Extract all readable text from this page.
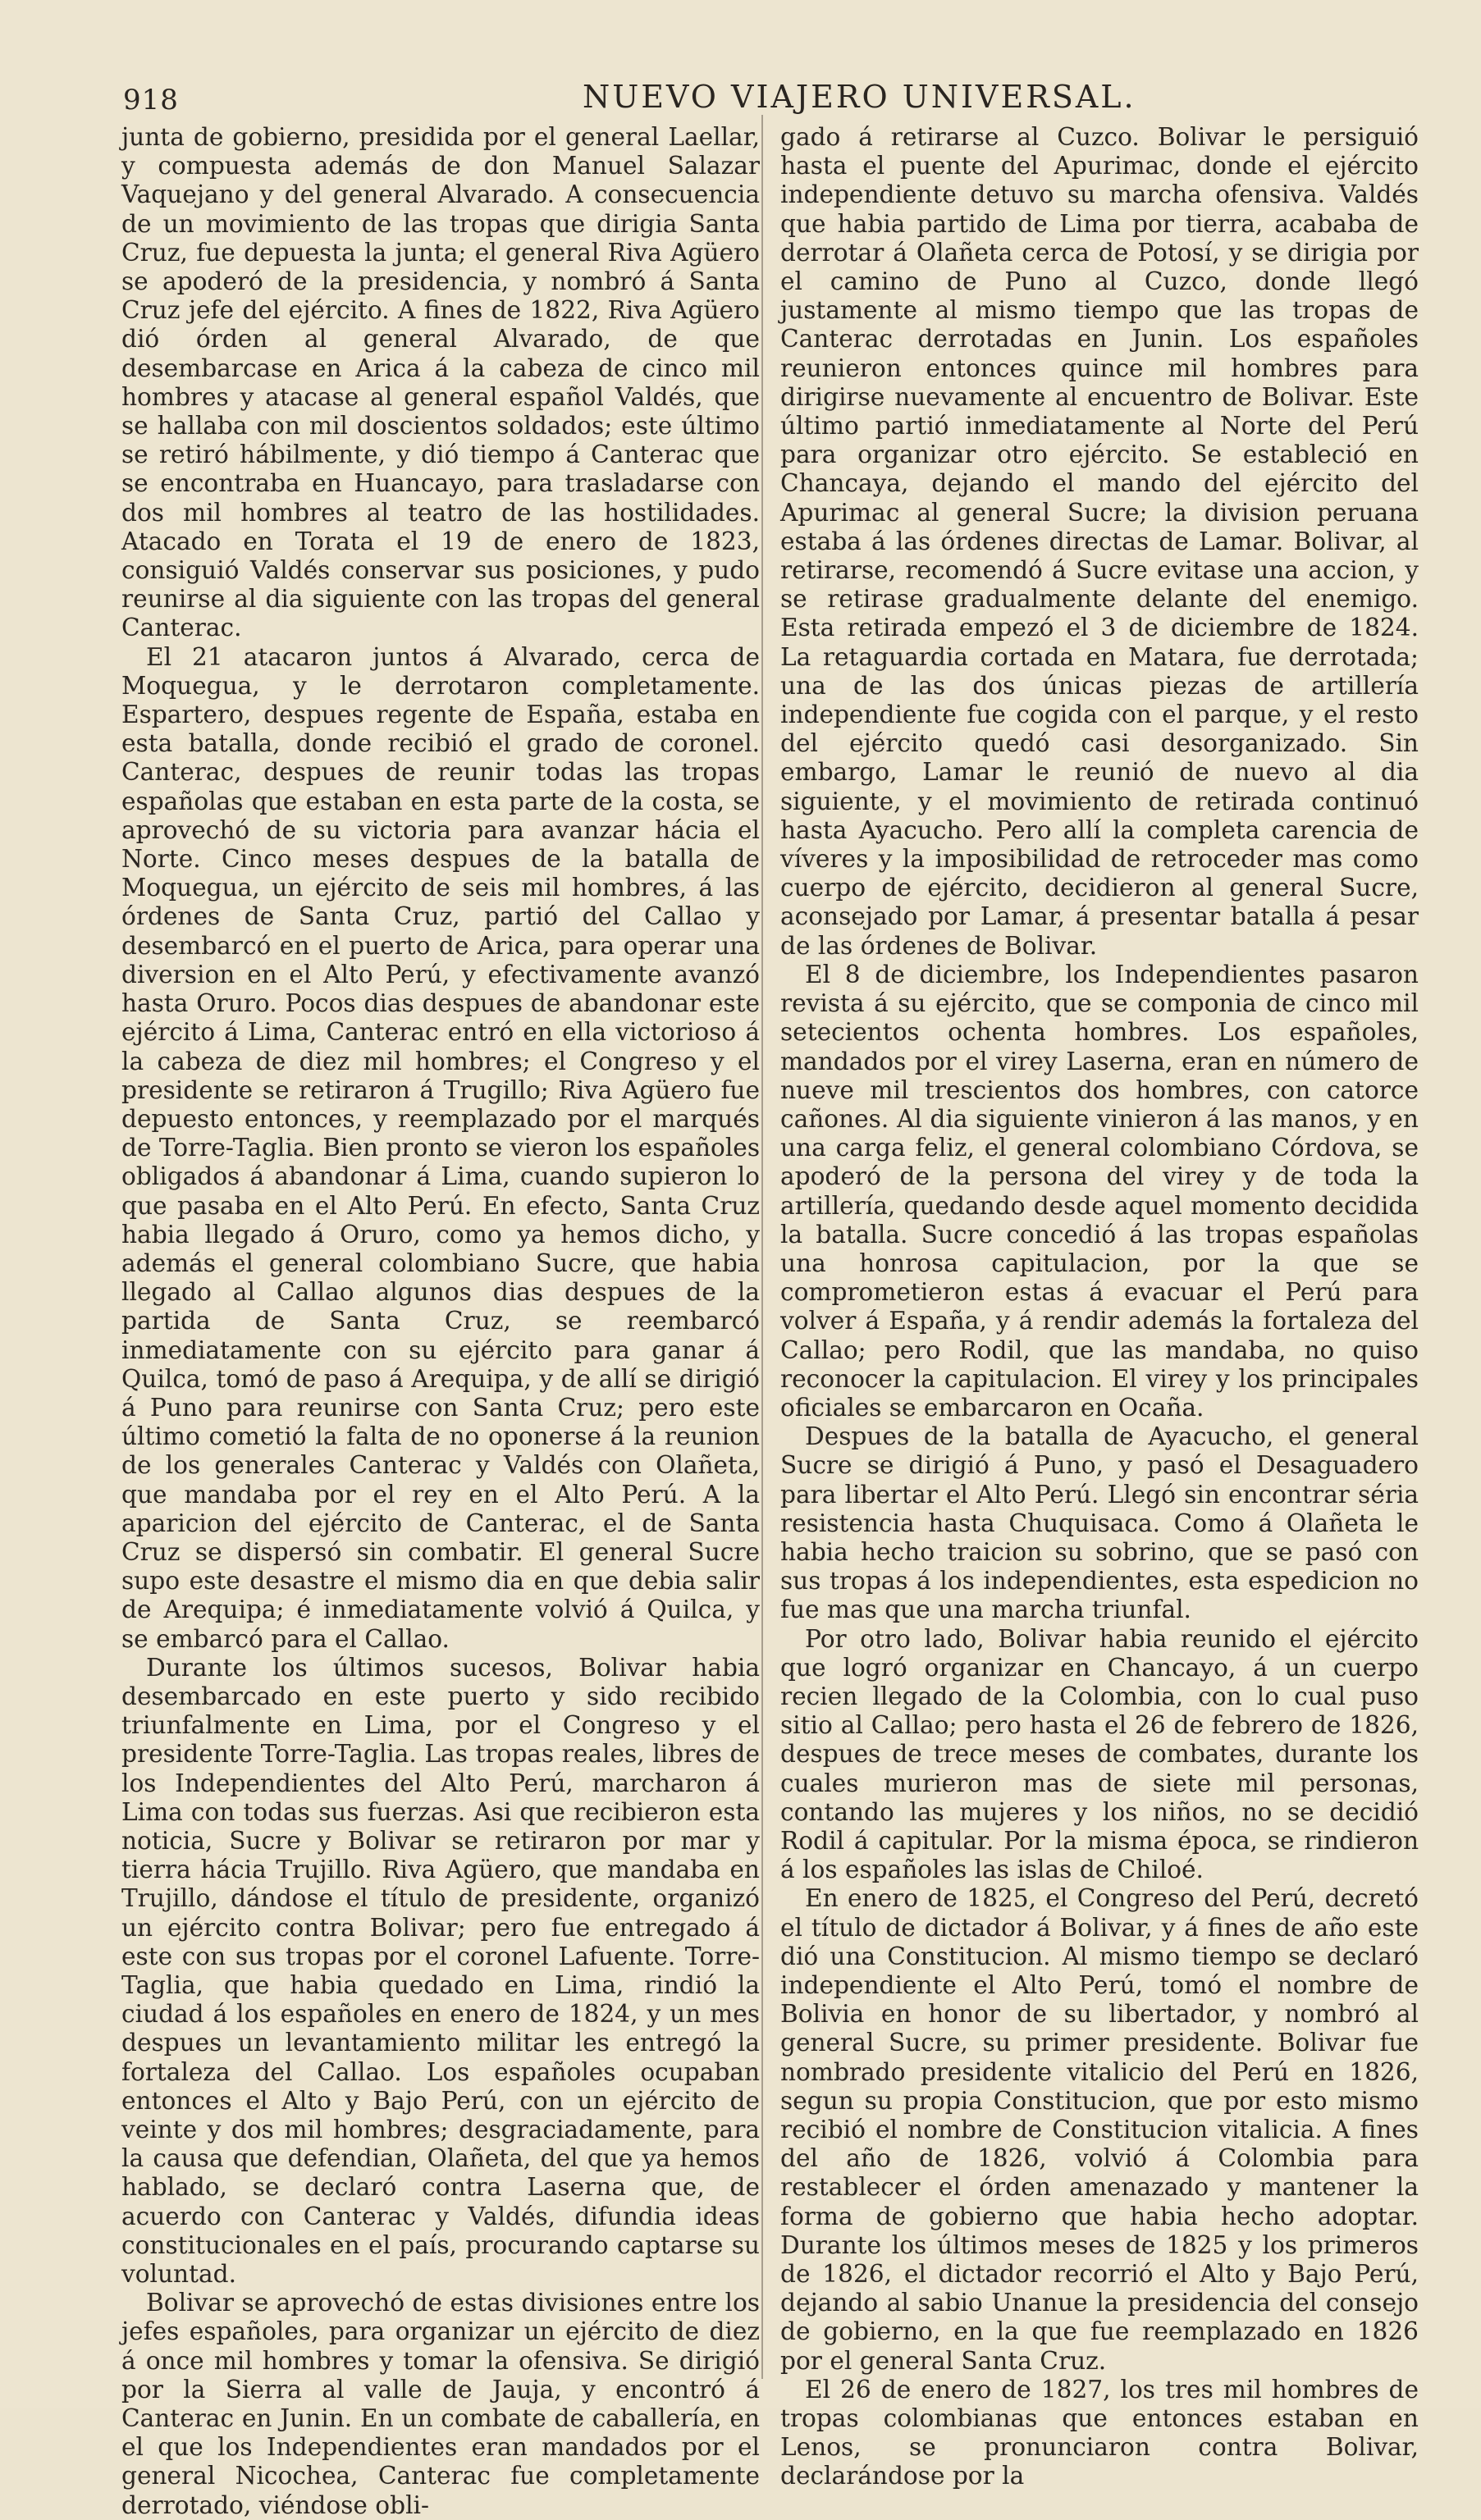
918	NUEVO VIAJERO UNIVERSAL.

junta de gobierno, presidida por el general Laellar, y compuesta además de don Manuel Salazar Vaquejano y del general Alvarado. A consecuencia de un movimiento de las tropas que dirigia Santa Cruz, fue depuesta la junta; el general Riva Agüero se apoderó de la presidencia, y nombró á Santa Cruz jefe del ejército. A fines de 1822, Riva Agüero dió órden al general Alvarado, de que desembarcase en Arica á la cabeza de cinco mil hombres y atacase al general español Valdés, que se hallaba con mil doscientos soldados; este último se retiró hábilmente, y dió tiempo á Canterac que se encontraba en Huancayo, para trasladarse con dos mil hombres al teatro de las hostilidades. Atacado en Torata el 19 de enero de 1823, consiguió Valdés conservar sus posiciones, y pudo reunirse al dia siguiente con las tropas del general Canterac.

El 21 atacaron juntos á Alvarado, cerca de Moquegua, y le derrotaron completamente. Espartero, despues regente de España, estaba en esta batalla, donde recibió el grado de coronel. Canterac, despues de reunir todas las tropas españolas que estaban en esta parte de la costa, se aprovechó de su victoria para avanzar hácia el Norte. Cinco meses despues de la batalla de Moquegua, un ejército de seis mil hombres, á las órdenes de Santa Cruz, partió del Callao y desembarcó en el puerto de Arica, para operar una diversion en el Alto Perú, y efectivamente avanzó hasta Oruro. Pocos dias despues de abandonar este ejército á Lima, Canterac entró en ella victorioso á la cabeza de diez mil hombres; el Congreso y el presidente se retiraron á Trugillo; Riva Agüero fue depuesto entonces, y reemplazado por el marqués de Torre-Taglia. Bien pronto se vieron los españoles obligados á abandonar á Lima, cuando supieron lo que pasaba en el Alto Perú. En efecto, Santa Cruz habia llegado á Oruro, como ya hemos dicho, y además el general colombiano Sucre, que habia llegado al Callao algunos dias despues de la partida de Santa Cruz, se reembarcó inmediatamente con su ejército para ganar á Quilca, tomó de paso á Arequipa, y de allí se dirigió á Puno para reunirse con Santa Cruz; pero este último cometió la falta de no oponerse á la reunion de los generales Canterac y Valdés con Olañeta, que mandaba por el rey en el Alto Perú. A la aparicion del ejército de Canterac, el de Santa Cruz se dispersó sin combatir. El general Sucre supo este desastre el mismo dia en que debia salir de Arequipa; é inmediatamente volvió á Quilca, y se embarcó para el Callao.

Durante los últimos sucesos, Bolivar habia desembarcado en este puerto y sido recibido triunfalmente en Lima, por el Congreso y el presidente Torre-Taglia. Las tropas reales, libres de los Independientes del Alto Perú, marcharon á Lima con todas sus fuerzas. Asi que recibieron esta noticia, Sucre y Bolivar se retiraron por mar y tierra hácia Trujillo. Riva Agüero, que mandaba en Trujillo, dándose el título de presidente, organizó un ejército contra Bolivar; pero fue entregado á este con sus tropas por el coronel Lafuente. Torre-Taglia, que habia quedado en Lima, rindió la ciudad á los españoles en enero de 1824, y un mes despues un levantamiento militar les entregó la fortaleza del Callao. Los españoles ocupaban entonces el Alto y Bajo Perú, con un ejército de veinte y dos mil hombres; desgraciadamente, para la causa que defendian, Olañeta, del que ya hemos hablado, se declaró contra Laserna que, de acuerdo con Canterac y Valdés, difundia ideas constitucionales en el país, procurando captarse su voluntad.

Bolivar se aprovechó de estas divisiones entre los jefes españoles, para organizar un ejército de diez á once mil hombres y tomar la ofensiva. Se dirigió por la Sierra al valle de Jauja, y encontró á Canterac en Junin. En un combate de caballería, en el que los Independientes eran mandados por el general Nicochea, Canterac fue completamente derrotado, viéndose obli-

gado á retirarse al Cuzco. Bolivar le persiguió hasta el puente del Apurimac, donde el ejército independiente detuvo su marcha ofensiva. Valdés que habia partido de Lima por tierra, acababa de derrotar á Olañeta cerca de Potosí, y se dirigia por el camino de Puno al Cuzco, donde llegó justamente al mismo tiempo que las tropas de Canterac derrotadas en Junin. Los españoles reunieron entonces quince mil hombres para dirigirse nuevamente al encuentro de Bolivar. Este último partió inmediatamente al Norte del Perú para organizar otro ejército. Se estableció en Chancaya, dejando el mando del ejército del Apurimac al general Sucre; la division peruana estaba á las órdenes directas de Lamar. Bolivar, al retirarse, recomendó á Sucre evitase una accion, y se retirase gradualmente delante del enemigo. Esta retirada empezó el 3 de diciembre de 1824. La retaguardia cortada en Matara, fue derrotada; una de las dos únicas piezas de artillería independiente fue cogida con el parque, y el resto del ejército quedó casi desorganizado. Sin embargo, Lamar le reunió de nuevo al dia siguiente, y el movimiento de retirada continuó hasta Ayacucho. Pero allí la completa carencia de víveres y la imposibilidad de retroceder mas como cuerpo de ejército, decidieron al general Sucre, aconsejado por Lamar, á presentar batalla á pesar de las órdenes de Bolivar.

El 8 de diciembre, los Independientes pasaron revista á su ejército, que se componia de cinco mil setecientos ochenta hombres. Los españoles, mandados por el virey Laserna, eran en número de nueve mil trescientos dos hombres, con catorce cañones. Al dia siguiente vinieron á las manos, y en una carga feliz, el general colombiano Córdova, se apoderó de la persona del virey y de toda la artillería, quedando desde aquel momento decidida la batalla. Sucre concedió á las tropas españolas una honrosa capitulacion, por la que se comprometieron estas á evacuar el Perú para volver á España, y á rendir además la fortaleza del Callao; pero Rodil, que las mandaba, no quiso reconocer la capitulacion. El virey y los principales oficiales se embarcaron en Ocaña.

Despues de la batalla de Ayacucho, el general Sucre se dirigió á Puno, y pasó el Desaguadero para libertar el Alto Perú. Llegó sin encontrar séria resistencia hasta Chuquisaca. Como á Olañeta le habia hecho traicion su sobrino, que se pasó con sus tropas á los independientes, esta espedicion no fue mas que una marcha triunfal.

Por otro lado, Bolivar habia reunido el ejército que logró organizar en Chancayo, á un cuerpo recien llegado de la Colombia, con lo cual puso sitio al Callao; pero hasta el 26 de febrero de 1826, despues de trece meses de combates, durante los cuales murieron mas de siete mil personas, contando las mujeres y los niños, no se decidió Rodil á capitular. Por la misma época, se rindieron á los españoles las islas de Chiloé.

En enero de 1825, el Congreso del Perú, decretó el título de dictador á Bolivar, y á fines de año este dió una Constitucion. Al mismo tiempo se declaró independiente el Alto Perú, tomó el nombre de Bolivia en honor de su libertador, y nombró al general Sucre, su primer presidente. Bolivar fue nombrado presidente vitalicio del Perú en 1826, segun su propia Constitucion, que por esto mismo recibió el nombre de Constitucion vitalicia. A fines del año de 1826, volvió á Colombia para restablecer el órden amenazado y mantener la forma de gobierno que habia hecho adoptar. Durante los últimos meses de 1825 y los primeros de 1826, el dictador recorrió el Alto y Bajo Perú, dejando al sabio Unanue la presidencia del consejo de gobierno, en la que fue reemplazado en 1826 por el general Santa Cruz.

El 26 de enero de 1827, los tres mil hombres de tropas colombianas que entonces estaban en Lenos, se pronunciaron contra Bolivar, declarándose por la
